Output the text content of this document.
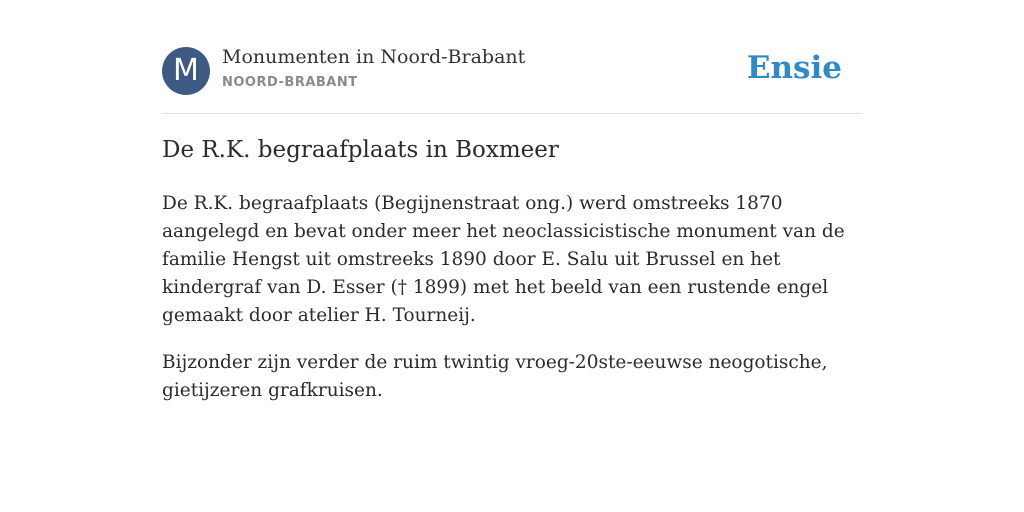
M	Monumenten in Noord-Brabant
NOORD-BRABANT	Ensie
De R.K. begraafplaats in Boxmeer

De R.K. begraafplaats (Begijnenstraat ong.) werd omstreeks 1870 aangelegd en bevat onder meer het neoclassicistische monument van de familie Hengst uit omstreeks 1890 door E. Salu uit Brussel en het kindergraf van D. Esser († 1899) met het beeld van een rustende engel gemaakt door atelier H. Tourneij.

Bijzonder zijn verder de ruim twintig vroeg-20ste-eeuwse neogotische, gietijzeren grafkruisen.
